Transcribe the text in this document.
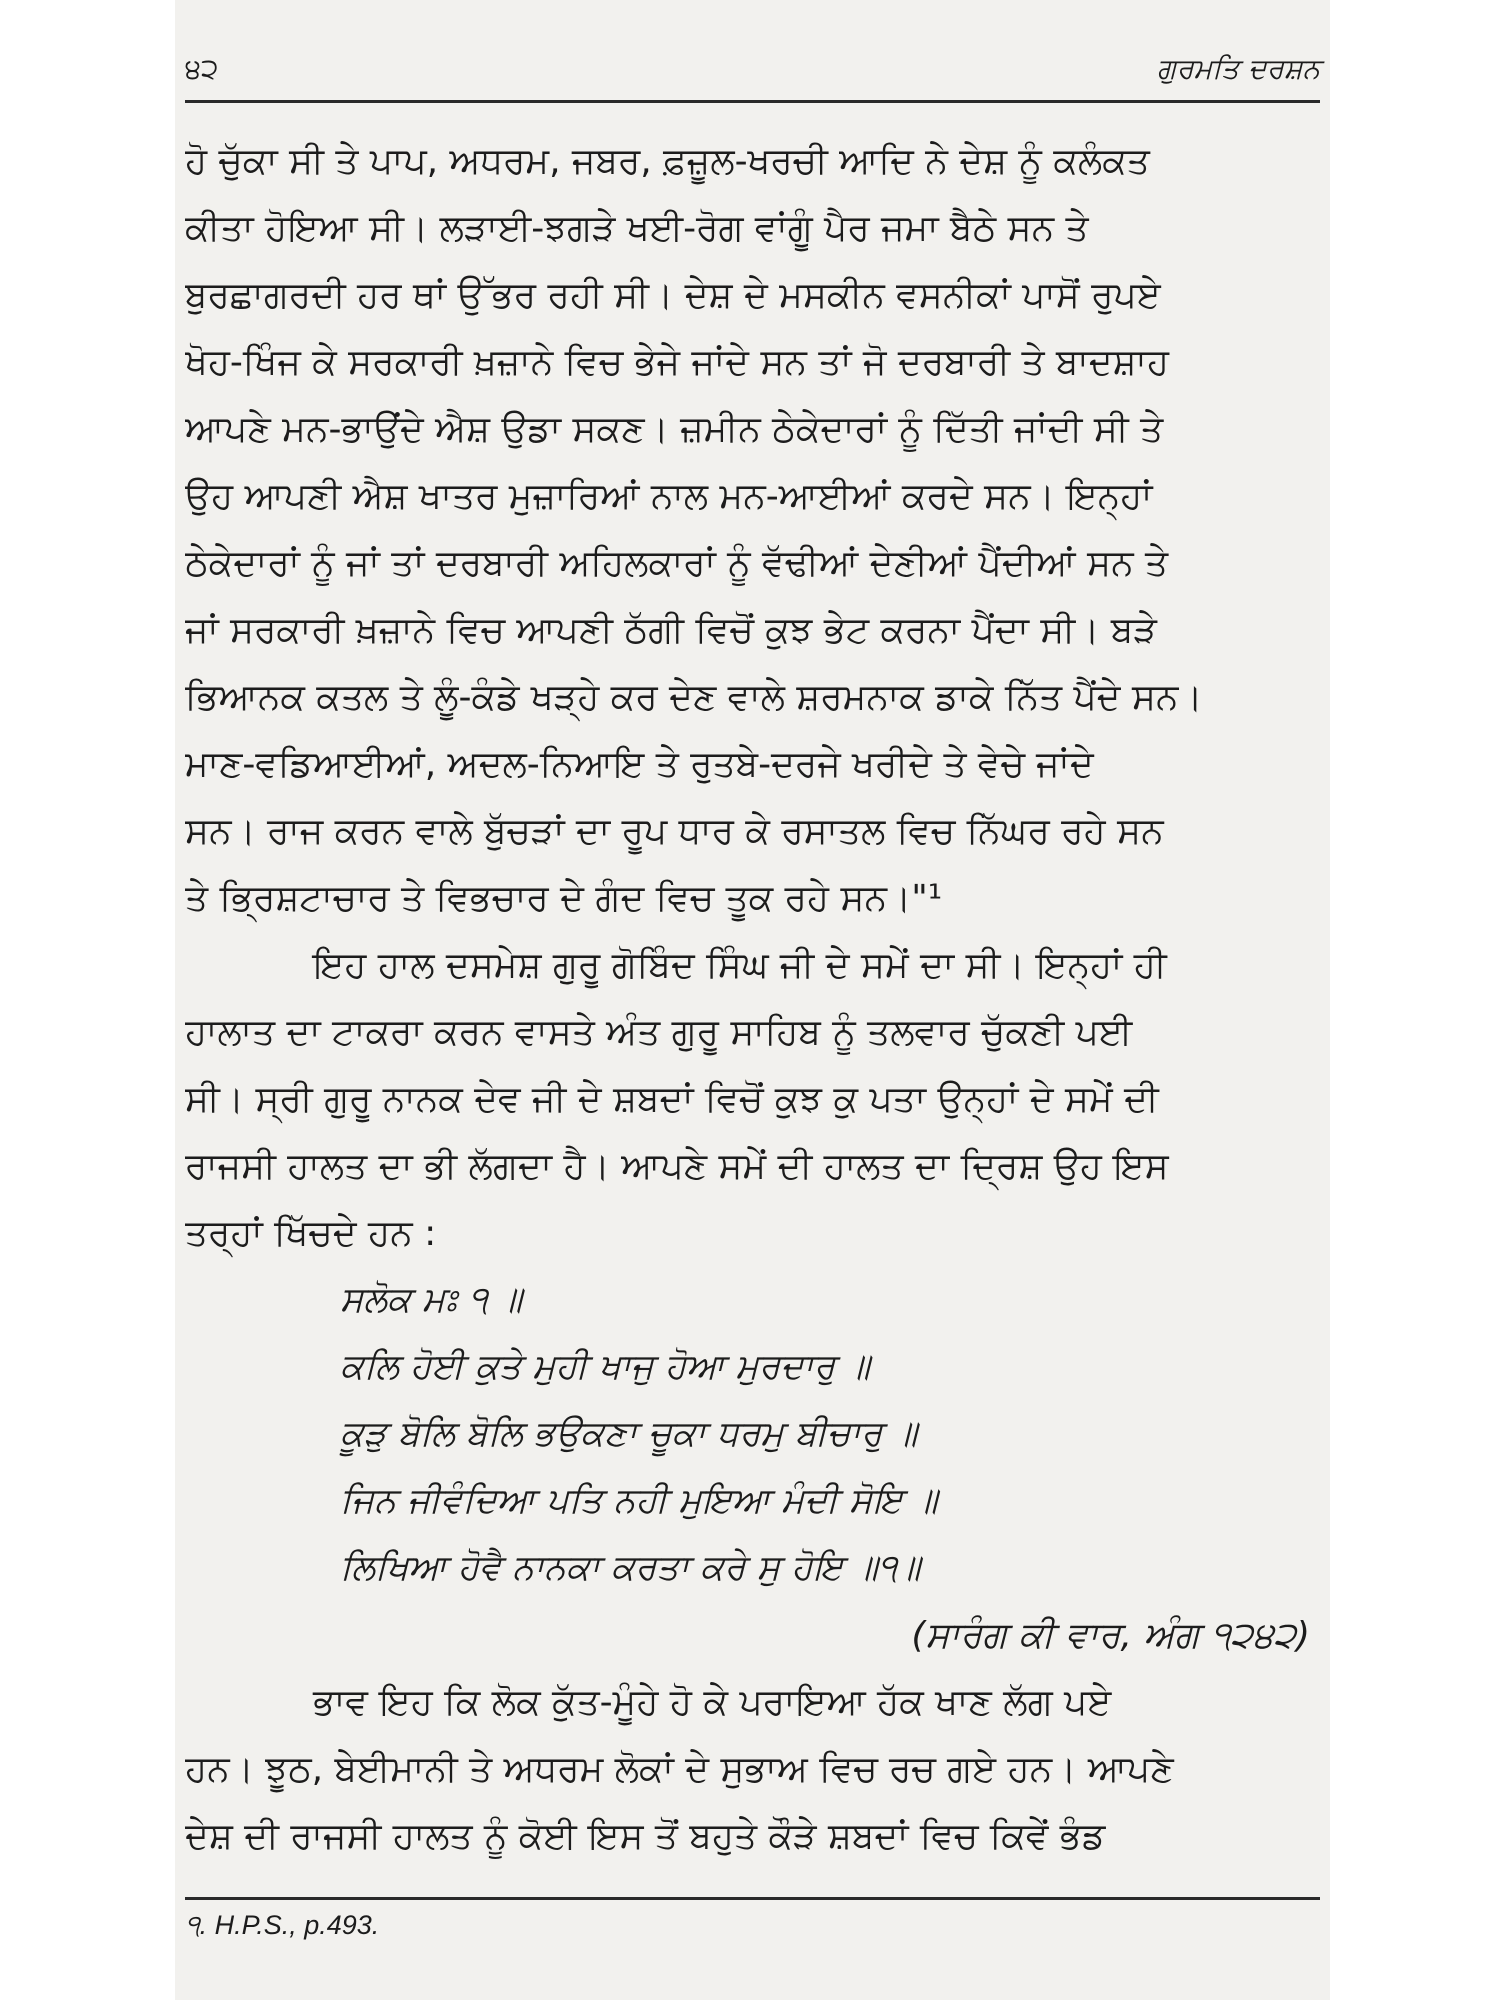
੪੨	ਗੁਰਮਤਿ ਦਰਸ਼ਨ
ਹੋ ਚੁੱਕਾ ਸੀ ਤੇ ਪਾਪ, ਅਧਰਮ, ਜਬਰ, ਫ਼ਜ਼ੂਲ-ਖਰਚੀ ਆਦਿ ਨੇ ਦੇਸ਼ ਨੂੰ ਕਲੰਕਤ
ਕੀਤਾ ਹੋਇਆ ਸੀ। ਲੜਾਈ-ਝਗੜੇ ਖਈ-ਰੋਗ ਵਾਂਗੂੰ ਪੈਰ ਜਮਾ ਬੈਠੇ ਸਨ ਤੇ
ਬੁਰਛਾਗਰਦੀ ਹਰ ਥਾਂ ਉੱਭਰ ਰਹੀ ਸੀ। ਦੇਸ਼ ਦੇ ਮਸਕੀਨ ਵਸਨੀਕਾਂ ਪਾਸੋਂ ਰੁਪਏ
ਖੋਹ-ਖਿੰਜ ਕੇ ਸਰਕਾਰੀ ਖ਼ਜ਼ਾਨੇ ਵਿਚ ਭੇਜੇ ਜਾਂਦੇ ਸਨ ਤਾਂ ਜੋ ਦਰਬਾਰੀ ਤੇ ਬਾਦਸ਼ਾਹ
ਆਪਣੇ ਮਨ-ਭਾਉਂਦੇ ਐਸ਼ ਉਡਾ ਸਕਣ। ਜ਼ਮੀਨ ਠੇਕੇਦਾਰਾਂ ਨੂੰ ਦਿੱਤੀ ਜਾਂਦੀ ਸੀ ਤੇ
ਉਹ ਆਪਣੀ ਐਸ਼ ਖਾਤਰ ਮੁਜ਼ਾਰਿਆਂ ਨਾਲ ਮਨ-ਆਈਆਂ ਕਰਦੇ ਸਨ। ਇਨ੍ਹਾਂ
ਠੇਕੇਦਾਰਾਂ ਨੂੰ ਜਾਂ ਤਾਂ ਦਰਬਾਰੀ ਅਹਿਲਕਾਰਾਂ ਨੂੰ ਵੱਢੀਆਂ ਦੇਣੀਆਂ ਪੈਂਦੀਆਂ ਸਨ ਤੇ
ਜਾਂ ਸਰਕਾਰੀ ਖ਼ਜ਼ਾਨੇ ਵਿਚ ਆਪਣੀ ਠੱਗੀ ਵਿਚੋਂ ਕੁਝ ਭੇਟ ਕਰਨਾ ਪੈਂਦਾ ਸੀ। ਬੜੇ
ਭਿਆਨਕ ਕਤਲ ਤੇ ਲੂੰ-ਕੰਡੇ ਖੜ੍ਹੇ ਕਰ ਦੇਣ ਵਾਲੇ ਸ਼ਰਮਨਾਕ ਡਾਕੇ ਨਿੱਤ ਪੈਂਦੇ ਸਨ।
ਮਾਣ-ਵਡਿਆਈਆਂ, ਅਦਲ-ਨਿਆਇ ਤੇ ਰੁਤਬੇ-ਦਰਜੇ ਖਰੀਦੇ ਤੇ ਵੇਚੇ ਜਾਂਦੇ
ਸਨ। ਰਾਜ ਕਰਨ ਵਾਲੇ ਬੁੱਚੜਾਂ ਦਾ ਰੂਪ ਧਾਰ ਕੇ ਰਸਾਤਲ ਵਿਚ ਨਿੱਘਰ ਰਹੇ ਸਨ
ਤੇ ਭ੍ਰਿਸ਼ਟਾਚਾਰ ਤੇ ਵਿਭਚਾਰ ਦੇ ਗੰਦ ਵਿਚ ਤੂਕ ਰਹੇ ਸਨ।"¹
ਇਹ ਹਾਲ ਦਸਮੇਸ਼ ਗੁਰੂ ਗੋਬਿੰਦ ਸਿੰਘ ਜੀ ਦੇ ਸਮੇਂ ਦਾ ਸੀ। ਇਨ੍ਹਾਂ ਹੀ
ਹਾਲਾਤ ਦਾ ਟਾਕਰਾ ਕਰਨ ਵਾਸਤੇ ਅੰਤ ਗੁਰੂ ਸਾਹਿਬ ਨੂੰ ਤਲਵਾਰ ਚੁੱਕਣੀ ਪਈ
ਸੀ। ਸ੍ਰੀ ਗੁਰੂ ਨਾਨਕ ਦੇਵ ਜੀ ਦੇ ਸ਼ਬਦਾਂ ਵਿਚੋਂ ਕੁਝ ਕੁ ਪਤਾ ਉਨ੍ਹਾਂ ਦੇ ਸਮੇਂ ਦੀ
ਰਾਜਸੀ ਹਾਲਤ ਦਾ ਭੀ ਲੱਗਦਾ ਹੈ। ਆਪਣੇ ਸਮੇਂ ਦੀ ਹਾਲਤ ਦਾ ਦ੍ਰਿਸ਼ ਉਹ ਇਸ
ਤਰ੍ਹਾਂ ਖਿੱਚਦੇ ਹਨ :
ਸਲੋਕ ਮਃ ੧ ॥
ਕਲਿ ਹੋਈ ਕੁਤੇ ਮੁਹੀ ਖਾਜੁ ਹੋਆ ਮੁਰਦਾਰੁ ॥
ਕੂੜੁ ਬੋਲਿ ਬੋਲਿ ਭਉਕਣਾ ਚੂਕਾ ਧਰਮੁ ਬੀਚਾਰੁ ॥
ਜਿਨ ਜੀਵੰਦਿਆ ਪਤਿ ਨਹੀ ਮੁਇਆ ਮੰਦੀ ਸੋਇ ॥
ਲਿਖਿਆ ਹੋਵੈ ਨਾਨਕਾ ਕਰਤਾ ਕਰੇ ਸੁ ਹੋਇ ॥੧॥
(ਸਾਰੰਗ ਕੀ ਵਾਰ, ਅੰਗ ੧੨੪੨)
ਭਾਵ ਇਹ ਕਿ ਲੋਕ ਕੁੱਤ-ਮੂੰਹੇ ਹੋ ਕੇ ਪਰਾਇਆ ਹੱਕ ਖਾਣ ਲੱਗ ਪਏ
ਹਨ। ਝੂਠ, ਬੇਈਮਾਨੀ ਤੇ ਅਧਰਮ ਲੋਕਾਂ ਦੇ ਸੁਭਾਅ ਵਿਚ ਰਚ ਗਏ ਹਨ। ਆਪਣੇ
ਦੇਸ਼ ਦੀ ਰਾਜਸੀ ਹਾਲਤ ਨੂੰ ਕੋਈ ਇਸ ਤੋਂ ਬਹੁਤੇ ਕੌੜੇ ਸ਼ਬਦਾਂ ਵਿਚ ਕਿਵੇਂ ਭੰਡ
੧. H.P.S., p.493.
